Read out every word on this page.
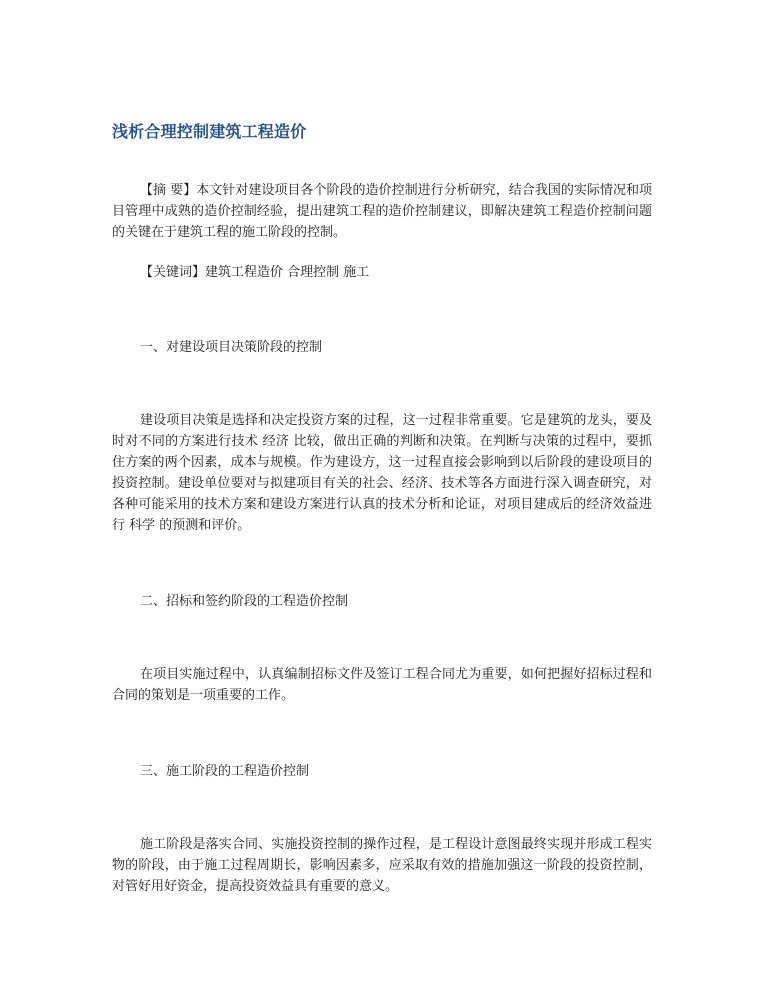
浅析合理控制建筑工程造价

【摘 要】本文针对建设项目各个阶段的造价控制进行分析研究，结合我国的实际情况和项目管理中成熟的造价控制经验，提出建筑工程的造价控制建议，即解决建筑工程造价控制问题的关键在于建筑工程的施工阶段的控制。

【关键词】建筑工程造价 合理控制 施工

一、对建设项目决策阶段的控制

建设项目决策是选择和决定投资方案的过程，这一过程非常重要。它是建筑的龙头，要及时对不同的方案进行技术 经济 比较，做出正确的判断和决策。在判断与决策的过程中，要抓住方案的两个因素，成本与规模。作为建设方，这一过程直接会影响到以后阶段的建设项目的投资控制。建设单位要对与拟建项目有关的社会、经济、技术等各方面进行深入调查研究，对各种可能采用的技术方案和建设方案进行认真的技术分析和论证，对项目建成后的经济效益进行 科学 的预测和评价。

二、招标和签约阶段的工程造价控制

在项目实施过程中，认真编制招标文件及签订工程合同尤为重要，如何把握好招标过程和合同的策划是一项重要的工作。

三、施工阶段的工程造价控制

施工阶段是落实合同、实施投资控制的操作过程，是工程设计意图最终实现并形成工程实物的阶段，由于施工过程周期长，影响因素多，应采取有效的措施加强这一阶段的投资控制，对管好用好资金，提高投资效益具有重要的意义。
